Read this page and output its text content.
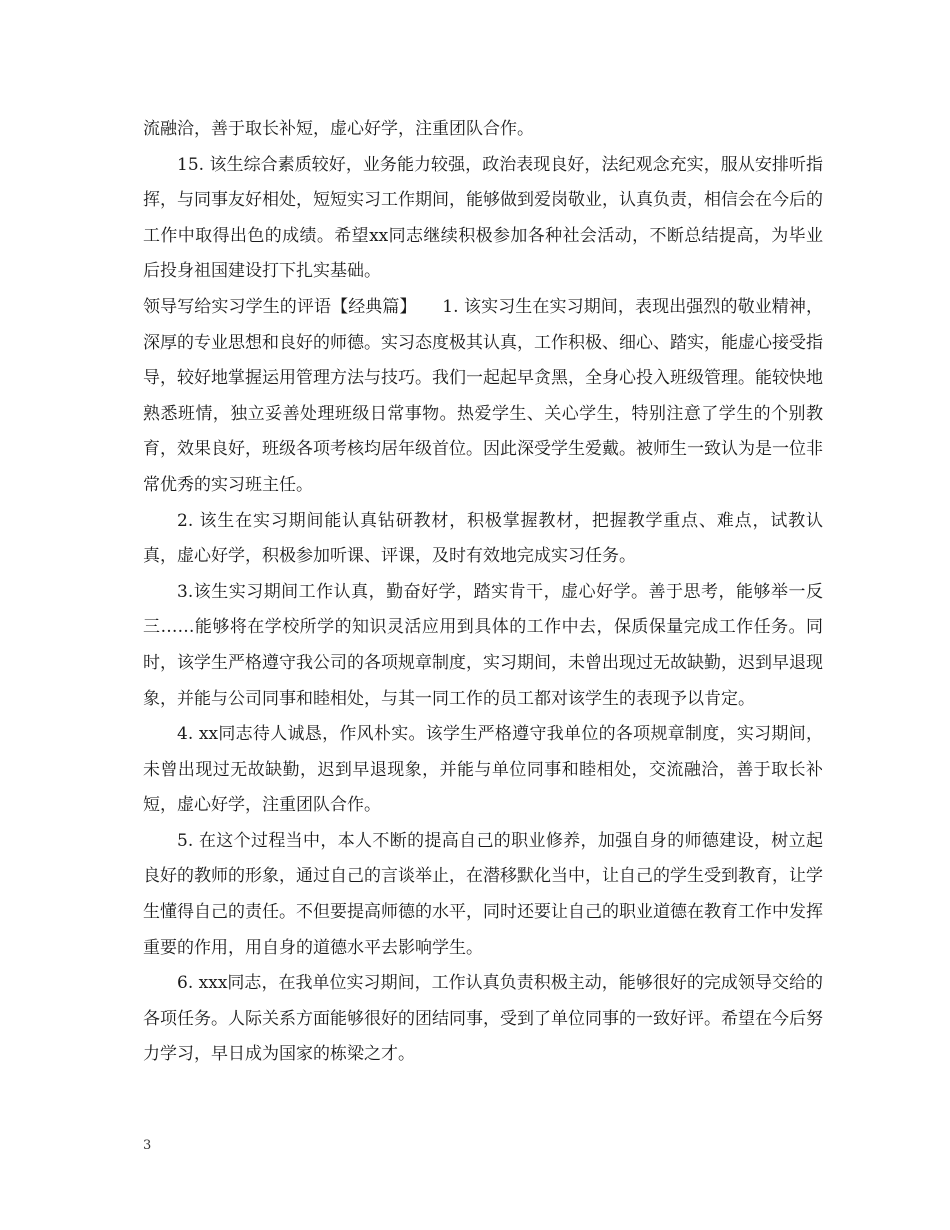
流融洽，善于取长补短，虚心好学，注重团队合作。

15. 该生综合素质较好，业务能力较强，政治表现良好，法纪观念充实，服从安排听指挥，与同事友好相处，短短实习工作期间，能够做到爱岗敬业，认真负责，相信会在今后的工作中取得出色的成绩。希望xx同志继续积极参加各种社会活动，不断总结提高，为毕业后投身祖国建设打下扎实基础。

领导写给实习学生的评语【经典篇】　　1. 该实习生在实习期间，表现出强烈的敬业精神，深厚的专业思想和良好的师德。实习态度极其认真，工作积极、细心、踏实，能虚心接受指导，较好地掌握运用管理方法与技巧。我们一起起早贪黑，全身心投入班级管理。能较快地熟悉班情，独立妥善处理班级日常事物。热爱学生、关心学生，特别注意了学生的个别教育，效果良好，班级各项考核均居年级首位。因此深受学生爱戴。被师生一致认为是一位非常优秀的实习班主任。

2. 该生在实习期间能认真钻研教材，积极掌握教材，把握教学重点、难点，试教认真，虚心好学，积极参加听课、评课，及时有效地完成实习任务。

3.该生实习期间工作认真，勤奋好学，踏实肯干，虚心好学。善于思考，能够举一反三……能够将在学校所学的知识灵活应用到具体的工作中去，保质保量完成工作任务。同时，该学生严格遵守我公司的各项规章制度，实习期间，未曾出现过无故缺勤，迟到早退现象，并能与公司同事和睦相处，与其一同工作的员工都对该学生的表现予以肯定。

4. xx同志待人诚恳，作风朴实。该学生严格遵守我单位的各项规章制度，实习期间，未曾出现过无故缺勤，迟到早退现象，并能与单位同事和睦相处，交流融洽，善于取长补短，虚心好学，注重团队合作。

5. 在这个过程当中，本人不断的提高自己的职业修养，加强自身的师德建设，树立起良好的教师的形象，通过自己的言谈举止，在潜移默化当中，让自己的学生受到教育，让学生懂得自己的责任。不但要提高师德的水平，同时还要让自己的职业道德在教育工作中发挥重要的作用，用自身的道德水平去影响学生。

6. xxx同志，在我单位实习期间，工作认真负责积极主动，能够很好的完成领导交给的各项任务。人际关系方面能够很好的团结同事，受到了单位同事的一致好评。希望在今后努力学习，早日成为国家的栋梁之才。

3
